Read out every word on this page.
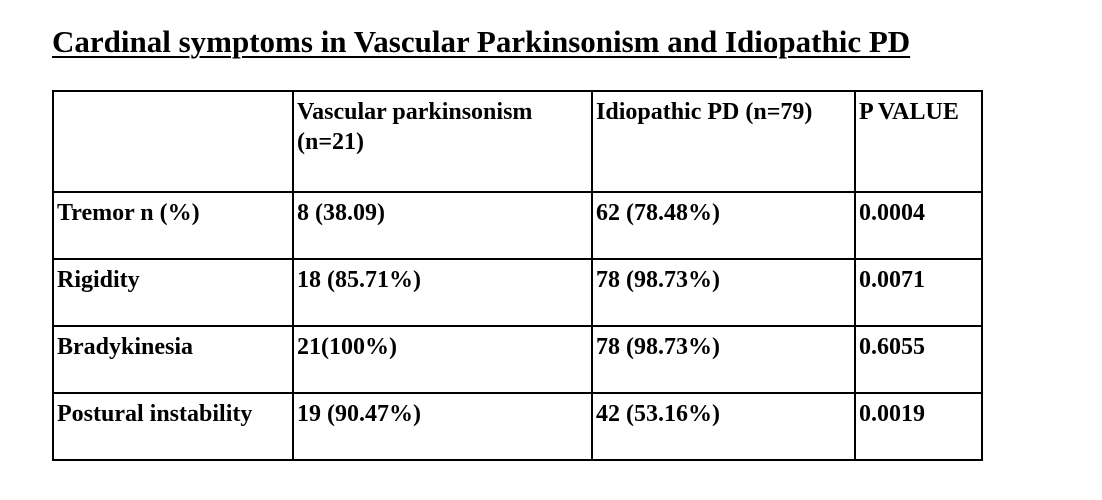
Cardinal symptoms in Vascular Parkinsonism and Idiopathic PD
	Vascular parkinsonism (n=21)	Idiopathic PD (n=79)	P VALUE
Tremor n (%)	8 (38.09)	62 (78.48%)	0.0004
Rigidity	18 (85.71%)	78 (98.73%)	0.0071
Bradykinesia	21(100%)	78 (98.73%)	0.6055
Postural instability	19 (90.47%)	42 (53.16%)	0.0019
